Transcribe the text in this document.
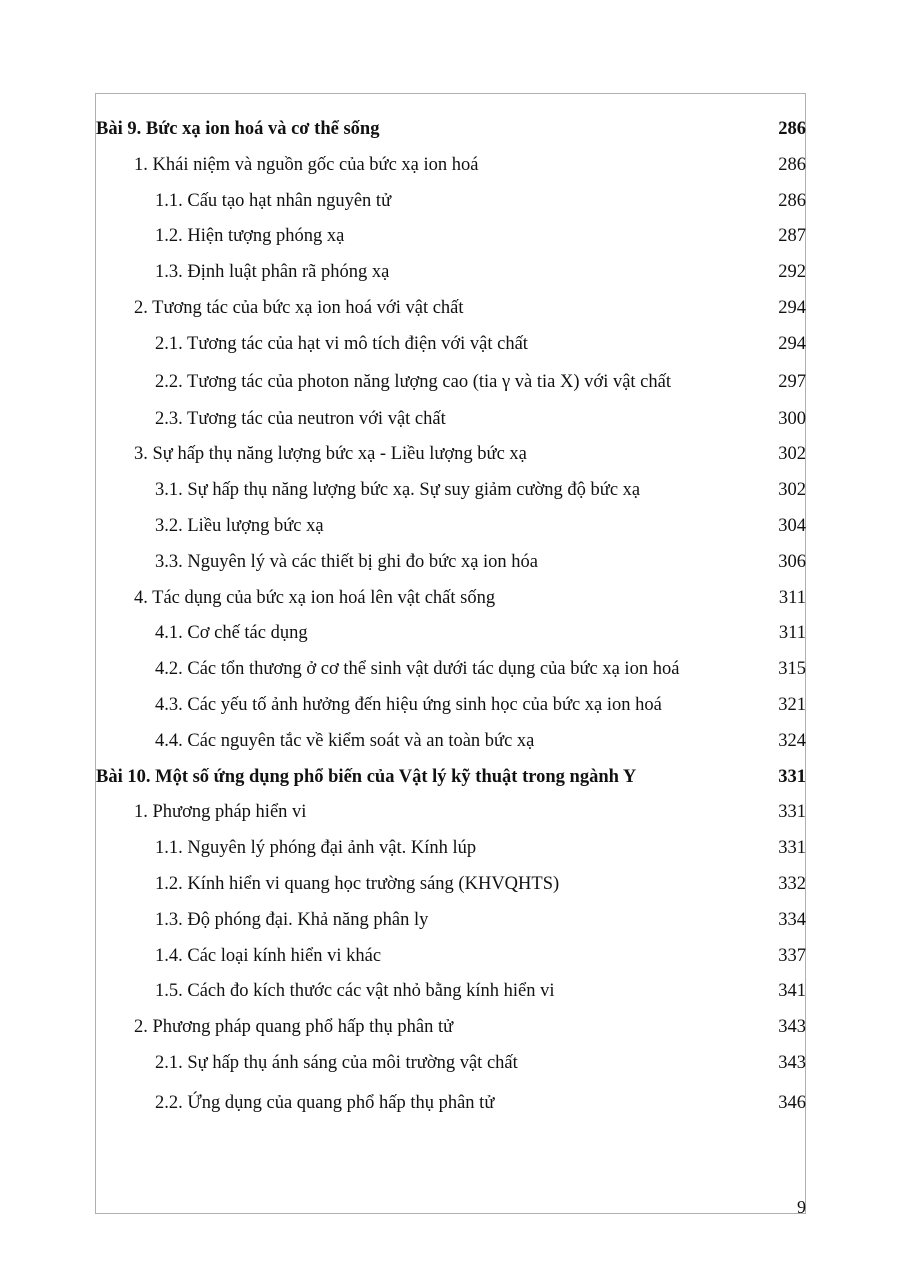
Bài 9. Bức xạ ion hoá và cơ thể sống	286
1. Khái niệm và nguồn gốc của bức xạ ion hoá	286
1.1. Cấu tạo hạt nhân nguyên tử	286
1.2. Hiện tượng phóng xạ	287
1.3. Định luật phân rã phóng xạ	292
2. Tương tác của bức xạ ion hoá với vật chất	294
2.1. Tương tác của hạt vi mô tích điện với vật chất	294
2.2. Tương tác của photon năng lượng cao (tia γ và tia X) với vật chất	297
2.3. Tương tác của neutron với vật chất	300
3. Sự hấp thụ năng lượng bức xạ - Liều lượng bức xạ	302
3.1. Sự hấp thụ năng lượng bức xạ. Sự suy giảm cường độ bức xạ	302
3.2. Liều lượng bức xạ	304
3.3. Nguyên lý và các thiết bị ghi đo bức xạ ion hóa	306
4. Tác dụng của bức xạ ion hoá lên vật chất sống	311
4.1. Cơ chế tác dụng	311
4.2. Các tổn thương ở cơ thể sinh vật dưới tác dụng của bức xạ ion hoá	315
4.3. Các yếu tố ảnh hưởng đến hiệu ứng sinh học của bức xạ ion hoá	321
4.4. Các nguyên tắc về kiểm soát và an toàn bức xạ	324
Bài 10. Một số ứng dụng phổ biến của Vật lý kỹ thuật trong ngành Y	331
1. Phương pháp hiển vi	331
1.1. Nguyên lý phóng đại ảnh vật. Kính lúp	331
1.2. Kính hiển vi quang học trường sáng (KHVQHTS)	332
1.3. Độ phóng đại. Khả năng phân ly	334
1.4. Các loại kính hiển vi khác	337
1.5. Cách đo kích thước các vật nhỏ bằng kính hiển vi	341
2. Phương pháp quang phổ hấp thụ phân tử	343
2.1. Sự hấp thụ ánh sáng của môi trường vật chất	343
2.2. Ứng dụng của quang phổ hấp thụ phân tử	346
9
